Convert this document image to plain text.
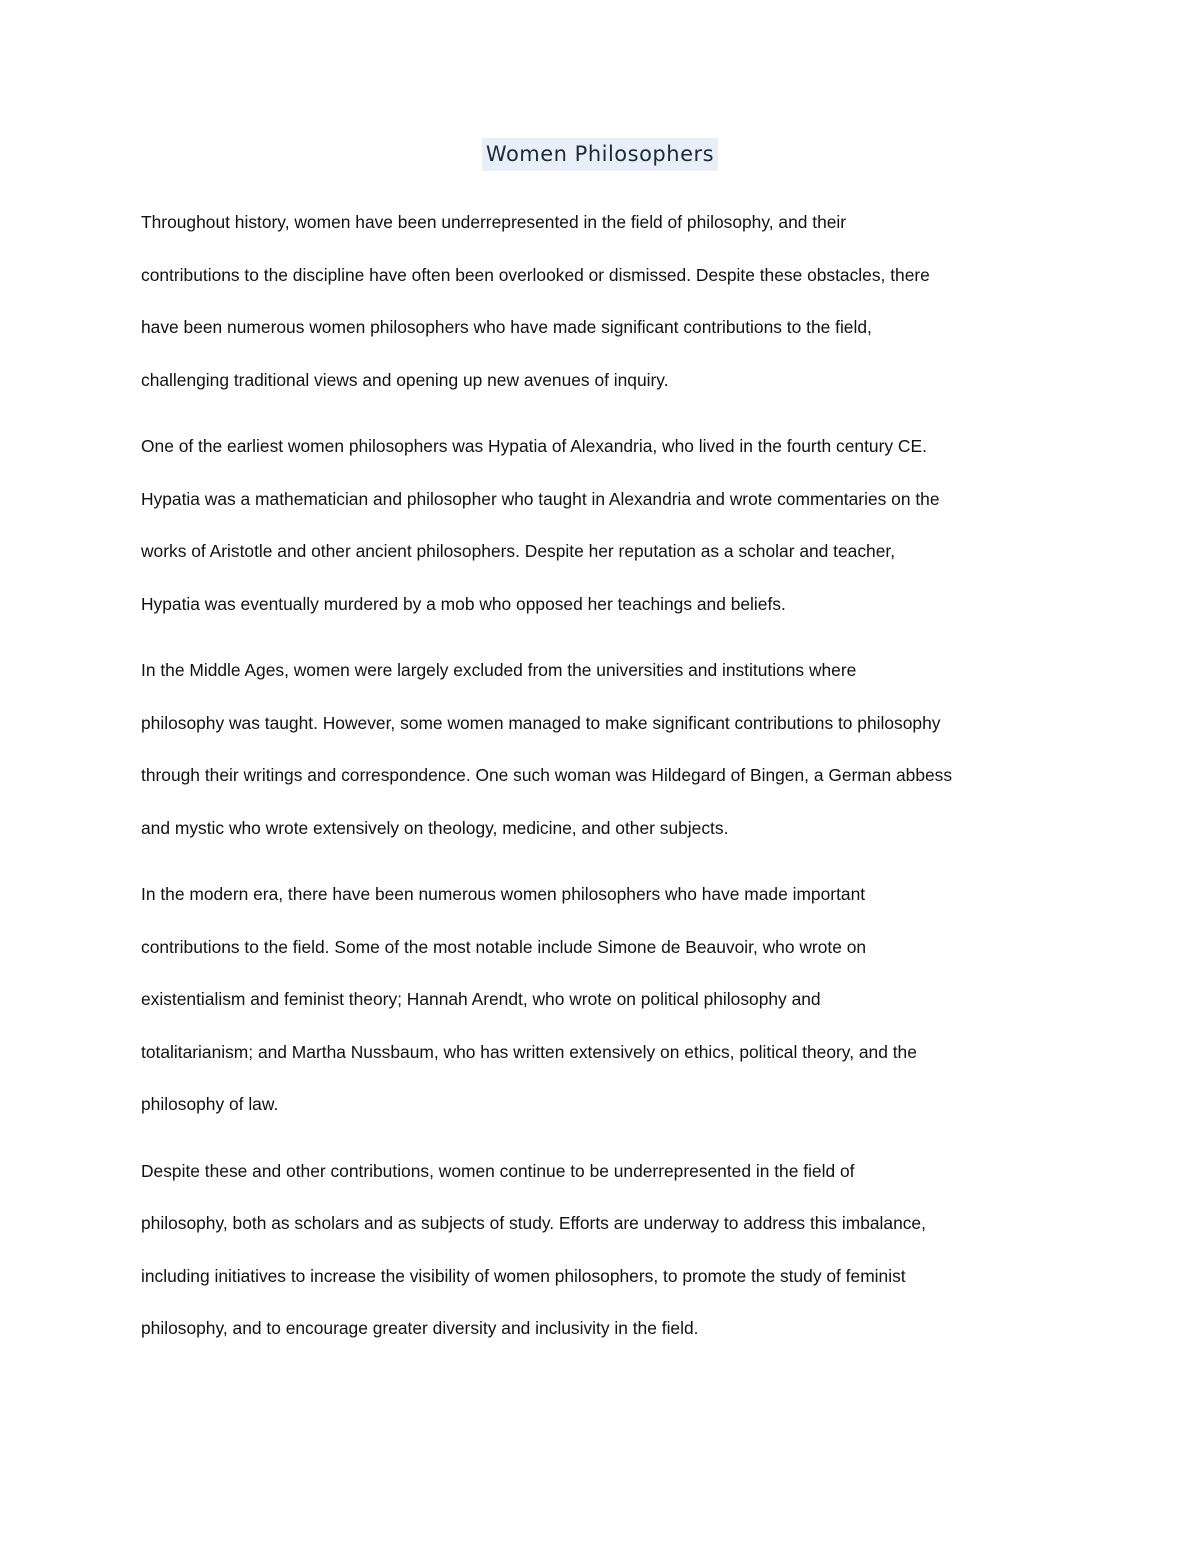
Women Philosophers
Throughout history, women have been underrepresented in the field of philosophy, and their
contributions to the discipline have often been overlooked or dismissed. Despite these obstacles, there
have been numerous women philosophers who have made significant contributions to the field,
challenging traditional views and opening up new avenues of inquiry.
One of the earliest women philosophers was Hypatia of Alexandria, who lived in the fourth century CE.
Hypatia was a mathematician and philosopher who taught in Alexandria and wrote commentaries on the
works of Aristotle and other ancient philosophers. Despite her reputation as a scholar and teacher,
Hypatia was eventually murdered by a mob who opposed her teachings and beliefs.
In the Middle Ages, women were largely excluded from the universities and institutions where
philosophy was taught. However, some women managed to make significant contributions to philosophy
through their writings and correspondence. One such woman was Hildegard of Bingen, a German abbess
and mystic who wrote extensively on theology, medicine, and other subjects.
In the modern era, there have been numerous women philosophers who have made important
contributions to the field. Some of the most notable include Simone de Beauvoir, who wrote on
existentialism and feminist theory; Hannah Arendt, who wrote on political philosophy and
totalitarianism; and Martha Nussbaum, who has written extensively on ethics, political theory, and the
philosophy of law.
Despite these and other contributions, women continue to be underrepresented in the field of
philosophy, both as scholars and as subjects of study. Efforts are underway to address this imbalance,
including initiatives to increase the visibility of women philosophers, to promote the study of feminist
philosophy, and to encourage greater diversity and inclusivity in the field.
